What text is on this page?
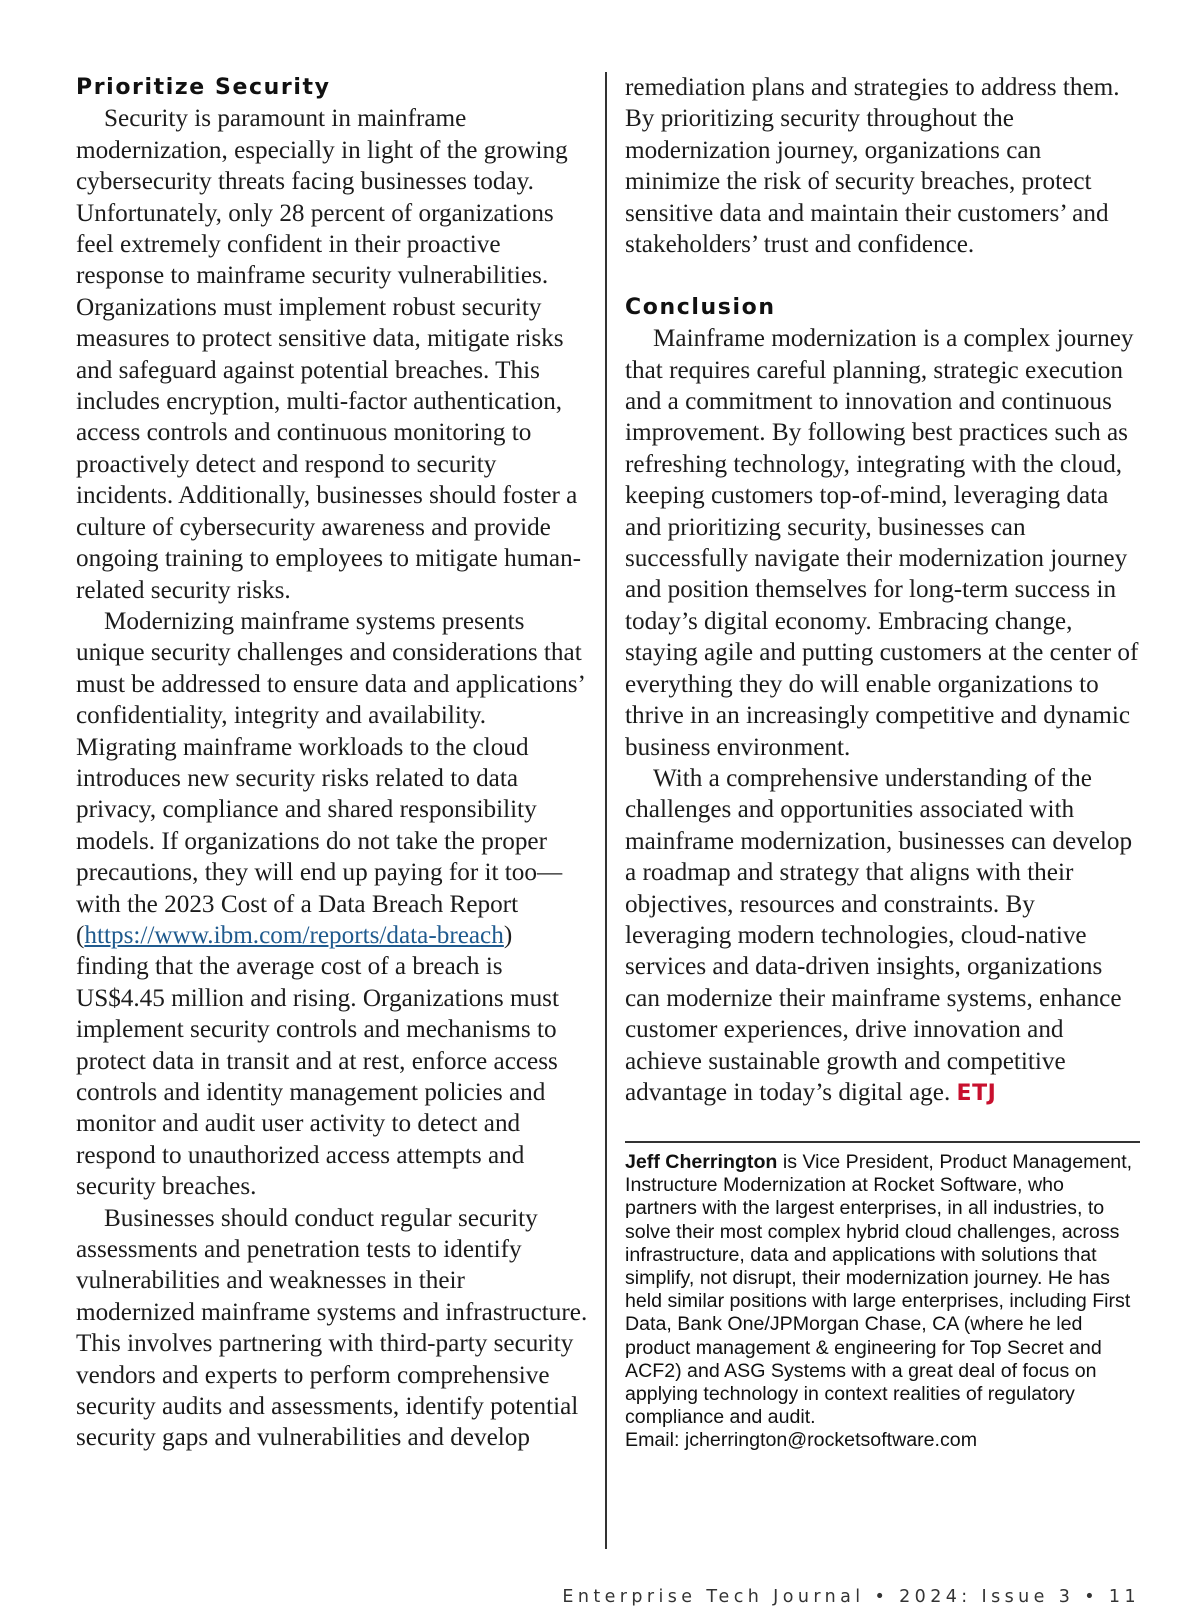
Prioritize Security

Security is paramount in mainframe modernization, especially in light of the growing cybersecurity threats facing businesses today. Unfortunately, only 28 percent of organizations feel extremely confident in their proactive response to mainframe security vulnerabilities. Organizations must implement robust security measures to protect sensitive data, mitigate risks and safeguard against potential breaches. This includes encryption, multi-factor authentication, access controls and continuous monitoring to proactively detect and respond to security incidents. Additionally, businesses should foster a culture of cybersecurity awareness and provide ongoing training to employees to mitigate human-related security risks.

Modernizing mainframe systems presents unique security challenges and considerations that must be addressed to ensure data and applications’ confidentiality, integrity and availability. Migrating mainframe workloads to the cloud introduces new security risks related to data privacy, compliance and shared responsibility models. If organizations do not take the proper precautions, they will end up paying for it too—with the 2023 Cost of a Data Breach Report (https://www.ibm.com/reports/data-breach) finding that the average cost of a breach is US$4.45 million and rising. Organizations must implement security controls and mechanisms to protect data in transit and at rest, enforce access controls and identity management policies and monitor and audit user activity to detect and respond to unauthorized access attempts and security breaches.

Businesses should conduct regular security assessments and penetration tests to identify vulnerabilities and weaknesses in their modernized mainframe systems and infrastructure. This involves partnering with third-party security vendors and experts to perform comprehensive security audits and assessments, identify potential security gaps and vulnerabilities and develop

remediation plans and strategies to address them. By prioritizing security throughout the modernization journey, organizations can minimize the risk of security breaches, protect sensitive data and maintain their customers’ and stakeholders’ trust and confidence.

Conclusion

Mainframe modernization is a complex journey that requires careful planning, strategic execution and a commitment to innovation and continuous improvement. By following best practices such as refreshing technology, integrating with the cloud, keeping customers top-of-mind, leveraging data and prioritizing security, businesses can successfully navigate their modernization journey and position themselves for long-term success in today’s digital economy. Embracing change, staying agile and putting customers at the center of everything they do will enable organizations to thrive in an increasingly competitive and dynamic business environment.

With a comprehensive understanding of the challenges and opportunities associated with mainframe modernization, businesses can develop a roadmap and strategy that aligns with their objectives, resources and constraints. By leveraging modern technologies, cloud-native services and data-driven insights, organizations can modernize their mainframe systems, enhance customer experiences, drive innovation and achieve sustainable growth and competitive advantage in today’s digital age. ETJ

Jeff Cherrington is Vice President, Product Management, Instructure Modernization at Rocket Software, who partners with the largest enterprises, in all industries, to solve their most complex hybrid cloud challenges, across infrastructure, data and applications with solutions that simplify, not disrupt, their modernization journey. He has held similar positions with large enterprises, including First Data, Bank One/JPMorgan Chase, CA (where he led product management & engineering for Top Secret and ACF2) and ASG Systems with a great deal of focus on applying technology in context realities of regulatory compliance and audit.
Email: jcherrington@rocketsoftware.com
Enterprise Tech Journal • 2024: Issue 3 • 11
